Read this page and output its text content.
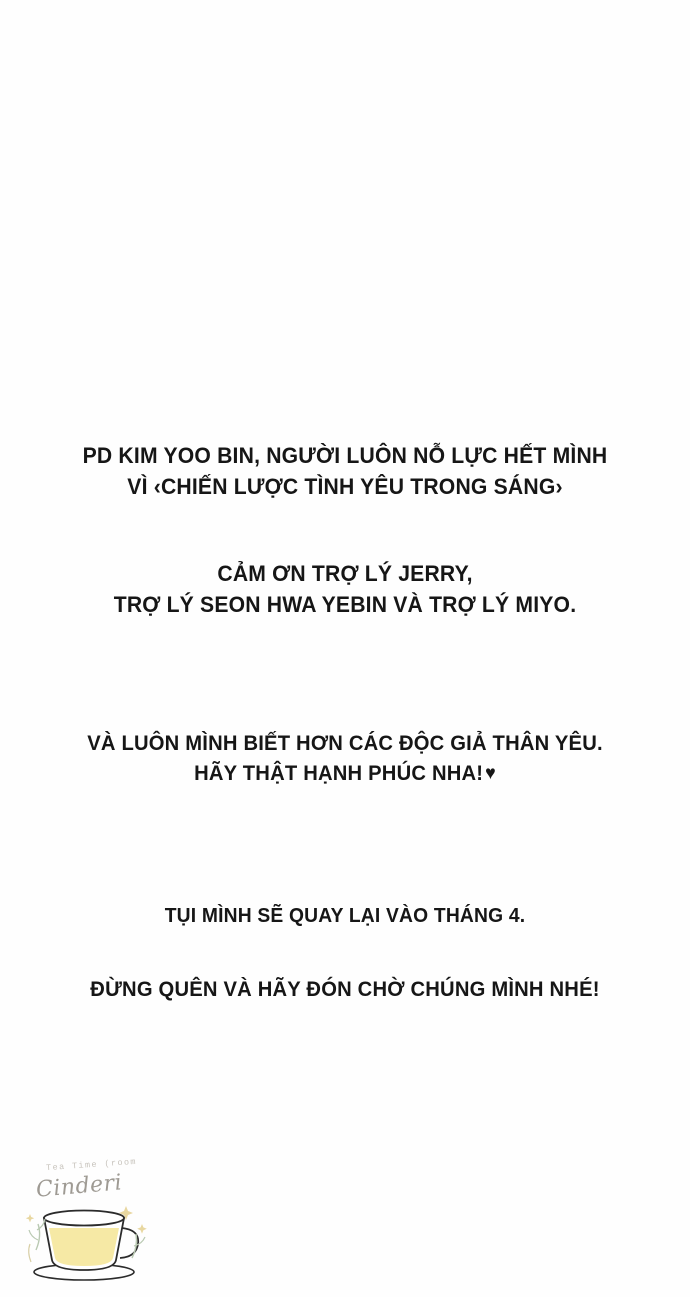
PD KIM YOO BIN, NGƯỜI LUÔN NỖ LỰC HẾT MÌNH
VÌ ‹CHIẾN LƯỢC TÌNH YÊU TRONG SÁNG›

CẢM ƠN TRỢ LÝ JERRY,
TRỢ LÝ SEON HWA YEBIN VÀ TRỢ LÝ MIYO.

VÀ LUÔN MÌNH BIẾT HƠN CÁC ĐỘC GIẢ THÂN YÊU.
HÃY THẬT HẠNH PHÚC NHA!♥

TỤI MÌNH SẼ QUAY LẠI VÀO THÁNG 4.

ĐỪNG QUÊN VÀ HÃY ĐÓN CHỜ CHÚNG MÌNH NHÉ!

Tea Time (room
Cinderi
